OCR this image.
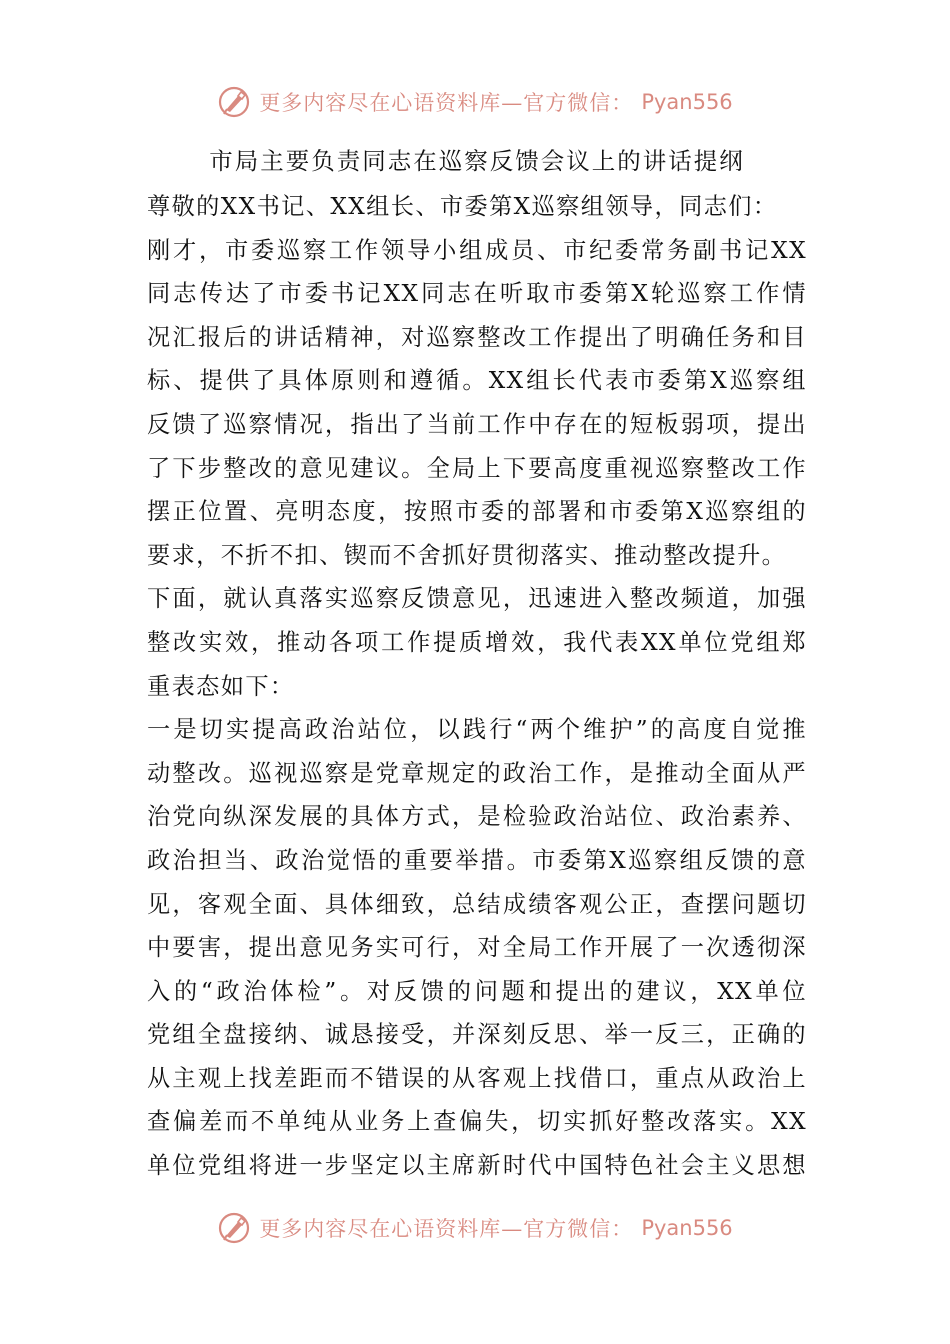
更多内容尽在心语资料库—官方微信： Pyan556
市局主要负责同志在巡察反馈会议上的讲话提纲
尊敬的XX书记、XX组长、市委第X巡察组领导，同志们：
刚才，市委巡察工作领导小组成员、市纪委常务副书记XX
同志传达了市委书记XX同志在听取市委第X轮巡察工作情
况汇报后的讲话精神，对巡察整改工作提出了明确任务和目
标、提供了具体原则和遵循。XX组长代表市委第X巡察组
反馈了巡察情况，指出了当前工作中存在的短板弱项，提出
了下步整改的意见建议。全局上下要高度重视巡察整改工作
摆正位置、亮明态度，按照市委的部署和市委第X巡察组的
要求，不折不扣、锲而不舍抓好贯彻落实、推动整改提升。
下面，就认真落实巡察反馈意见，迅速进入整改频道，加强
整改实效，推动各项工作提质增效，我代表XX单位党组郑
重表态如下：
一是切实提高政治站位，以践行“两个维护”的高度自觉推
动整改。巡视巡察是党章规定的政治工作，是推动全面从严
治党向纵深发展的具体方式，是检验政治站位、政治素养、
政治担当、政治觉悟的重要举措。市委第X巡察组反馈的意
见，客观全面、具体细致，总结成绩客观公正，查摆问题切
中要害，提出意见务实可行，对全局工作开展了一次透彻深
入的“政治体检”。对反馈的问题和提出的建议，XX单位
党组全盘接纳、诚恳接受，并深刻反思、举一反三，正确的
从主观上找差距而不错误的从客观上找借口，重点从政治上
查偏差而不单纯从业务上查偏失，切实抓好整改落实。XX
单位党组将进一步坚定以主席新时代中国特色社会主义思想
更多内容尽在心语资料库—官方微信： Pyan556
